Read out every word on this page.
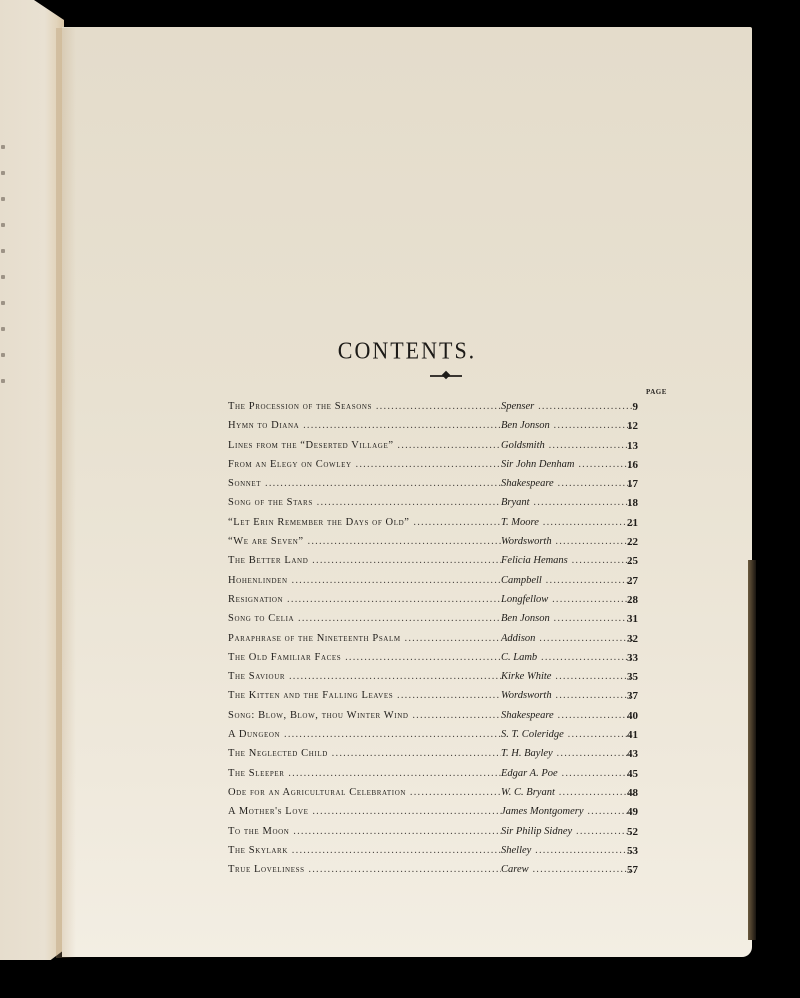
CONTENTS.
PAGE
The Procession of the Seasons .....	Spenser .....	9
Hymn to Diana .....	Ben Jonson .....	12
Lines from the “Deserted Village” .....	Goldsmith .....	13
From an Elegy on Cowley .....	Sir John Denham .....	16
Sonnet .....	Shakespeare .....	17
Song of the Stars .....	Bryant .....	18
“Let Erin Remember the Days of Old” .....	T. Moore .....	21
“We are Seven” .....	Wordsworth .....	22
The Better Land .....	Felicia Hemans .....	25
Hohenlinden .....	Campbell .....	27
Resignation .....	Longfellow .....	28
Song to Celia .....	Ben Jonson .....	31
Paraphrase of the Nineteenth Psalm .....	Addison .....	32
The Old Familiar Faces .....	C. Lamb .....	33
The Saviour .....	Kirke White .....	35
The Kitten and the Falling Leaves .....	Wordsworth .....	37
Song: Blow, Blow, thou Winter Wind .....	Shakespeare .....	40
A Dungeon .....	S. T. Coleridge .....	41
The Neglected Child .....	T. H. Bayley .....	43
The Sleeper .....	Edgar A. Poe .....	45
Ode for an Agricultural Celebration .....	W. C. Bryant .....	48
A Mother's Love .....	James Montgomery .....	49
To the Moon .....	Sir Philip Sidney .....	52
The Skylark .....	Shelley .....	53
True Loveliness .....	Carew .....	57
